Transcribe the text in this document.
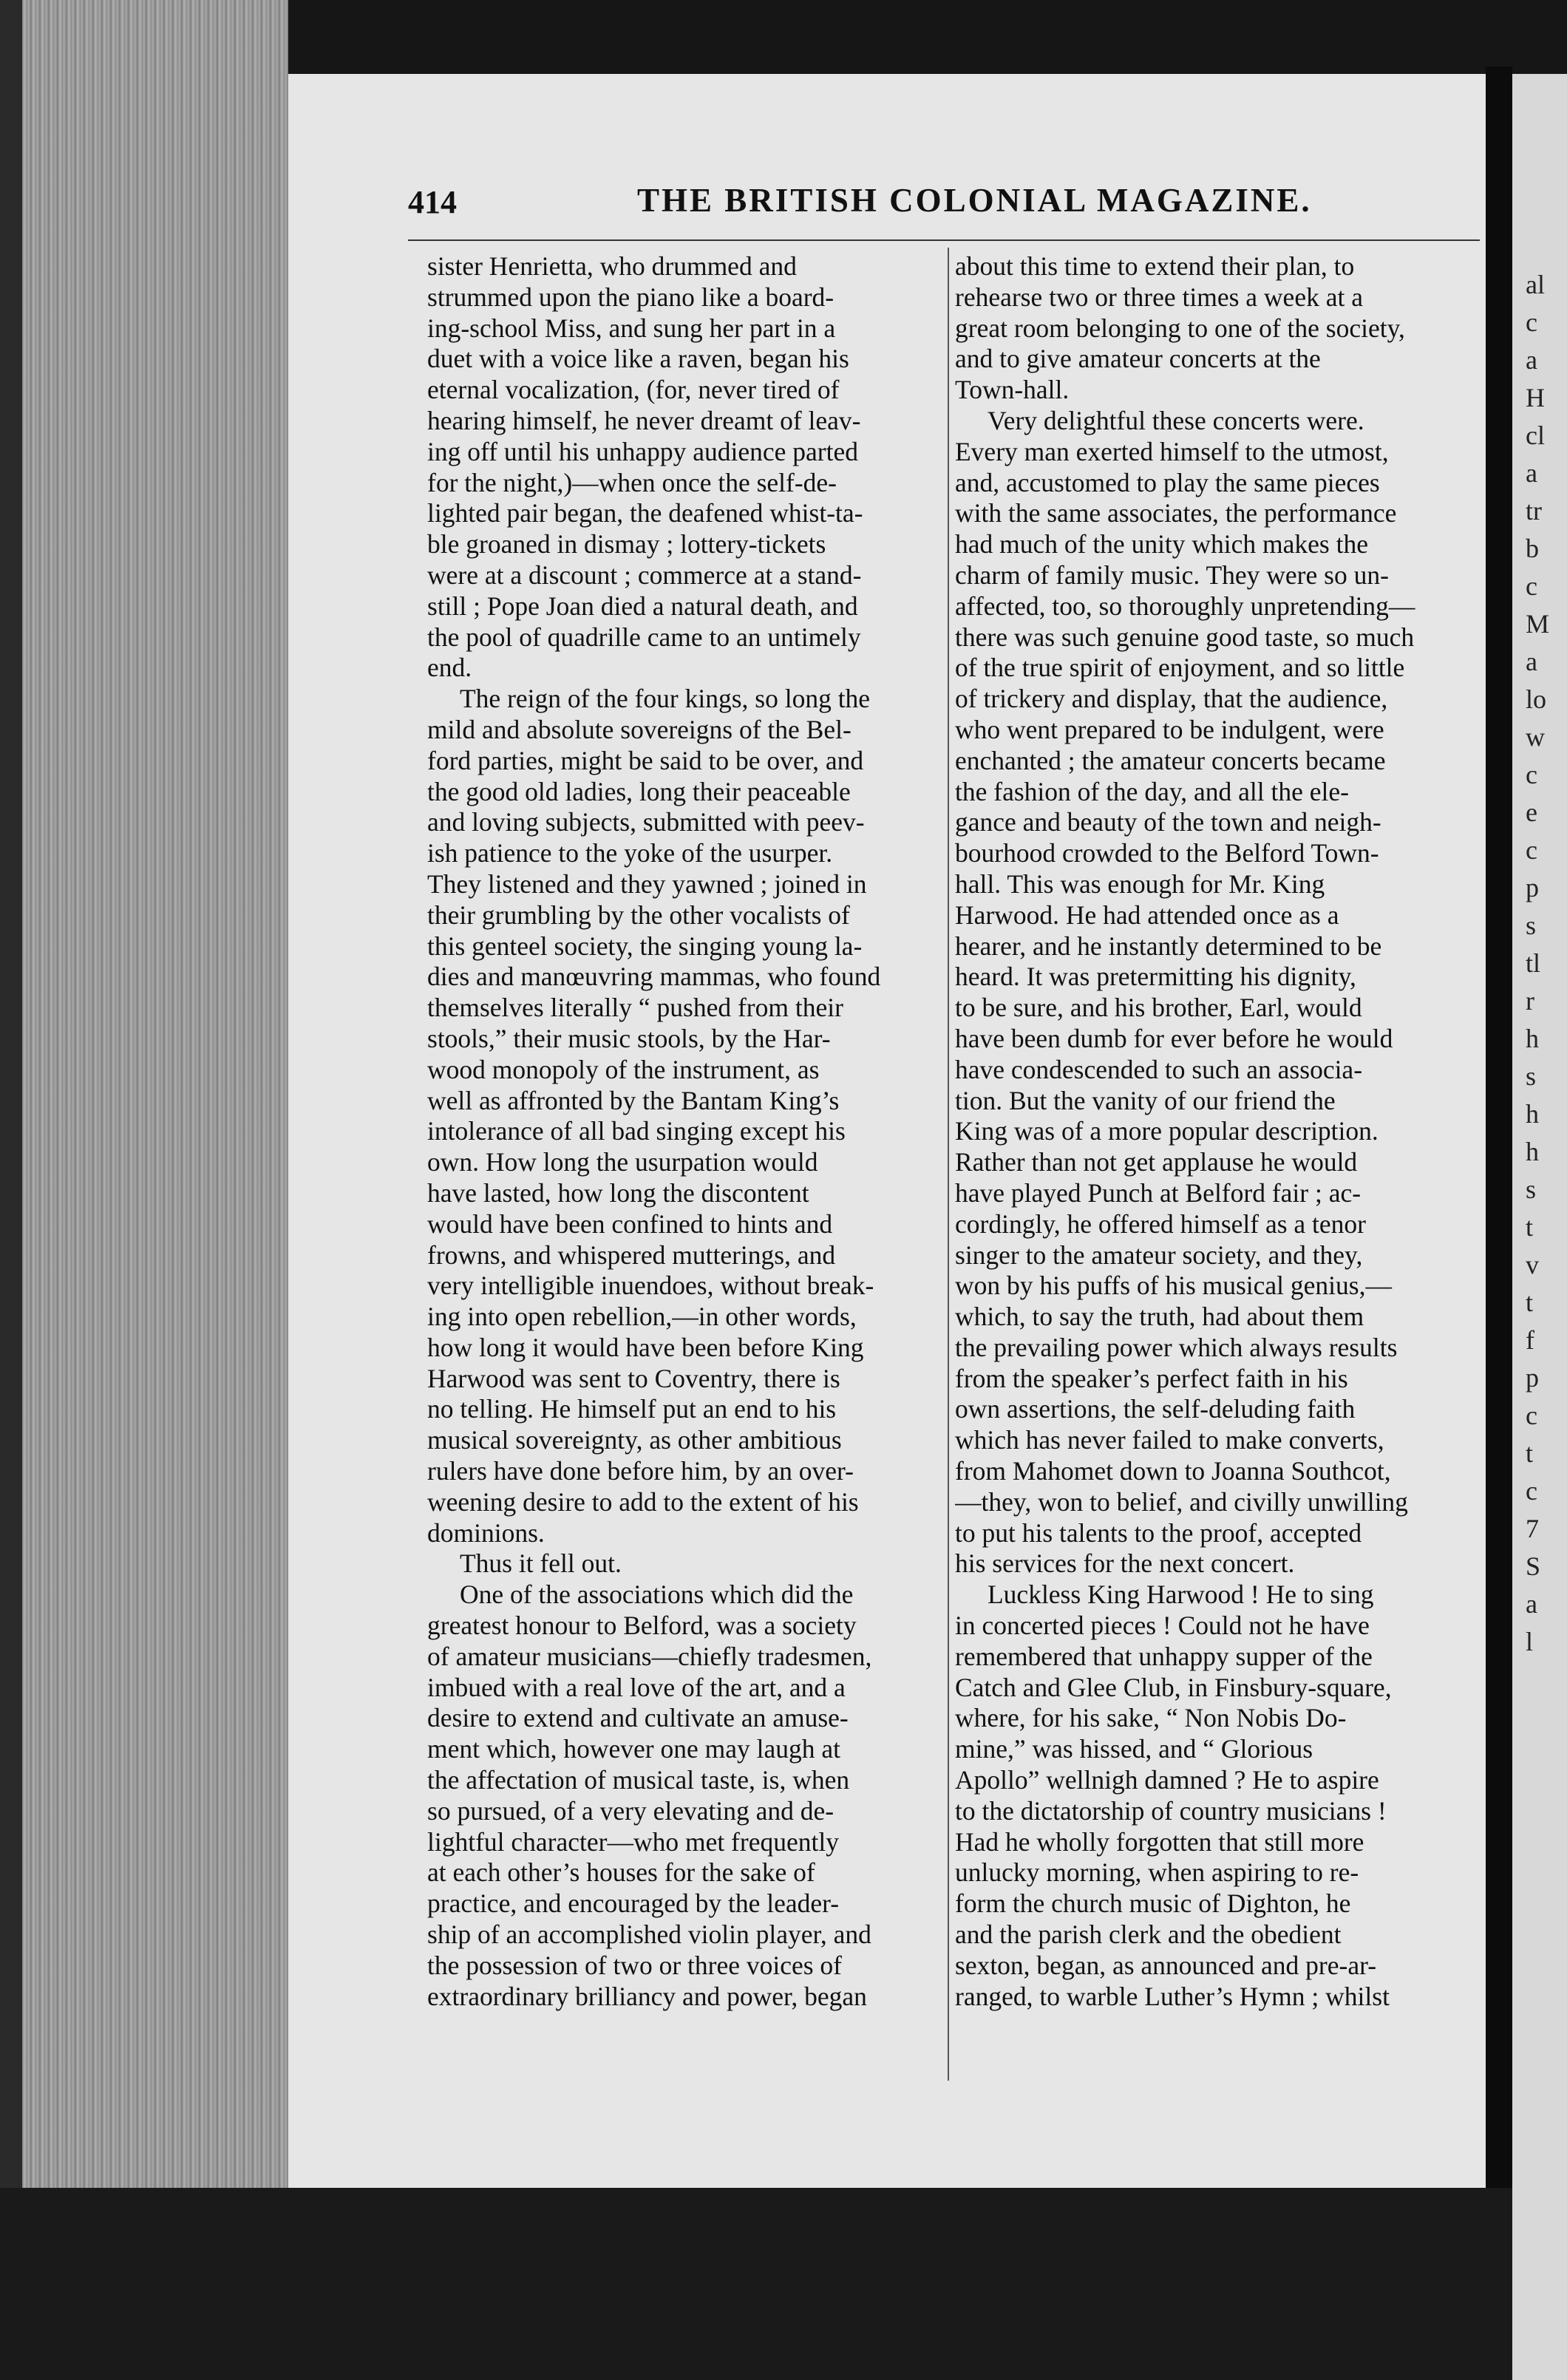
al
c
a
H
cl
a
tr
b
c
M
a
lo
w
c
e
c
p
s
tl
r
h
s
h
h
s
t
v
t
f
p
c
t
c
7
S
a
l
414	THE BRITISH COLONIAL MAGAZINE.
sister Henrietta, who drummed and
strummed upon the piano like a board-
ing-school Miss, and sung her part in a
duet with a voice like a raven, began his
eternal vocalization, (for, never tired of
hearing himself, he never dreamt of leav-
ing off until his unhappy audience parted
for the night,)—when once the self-de-
lighted pair began, the deafened whist-ta-
ble groaned in dismay ; lottery-tickets
were at a discount ; commerce at a stand-
still ; Pope Joan died a natural death, and
the pool of quadrille came to an untimely
end.
The reign of the four kings, so long the
mild and absolute sovereigns of the Bel-
ford parties, might be said to be over, and
the good old ladies, long their peaceable
and loving subjects, submitted with peev-
ish patience to the yoke of the usurper.
They listened and they yawned ; joined in
their grumbling by the other vocalists of
this genteel society, the singing young la-
dies and manœuvring mammas, who found
themselves literally “ pushed from their
stools,” their music stools, by the Har-
wood monopoly of the instrument, as
well as affronted by the Bantam King’s
intolerance of all bad singing except his
own. How long the usurpation would
have lasted, how long the discontent
would have been confined to hints and
frowns, and whispered mutterings, and
very intelligible inuendoes, without break-
ing into open rebellion,—in other words,
how long it would have been before King
Harwood was sent to Coventry, there is
no telling. He himself put an end to his
musical sovereignty, as other ambitious
rulers have done before him, by an over-
weening desire to add to the extent of his
dominions.
Thus it fell out.
One of the associations which did the
greatest honour to Belford, was a society
of amateur musicians—chiefly tradesmen,
imbued with a real love of the art, and a
desire to extend and cultivate an amuse-
ment which, however one may laugh at
the affectation of musical taste, is, when
so pursued, of a very elevating and de-
lightful character—who met frequently
at each other’s houses for the sake of
practice, and encouraged by the leader-
ship of an accomplished violin player, and
the possession of two or three voices of
extraordinary brilliancy and power, began
about this time to extend their plan, to
rehearse two or three times a week at a
great room belonging to one of the society,
and to give amateur concerts at the
Town-hall.
Very delightful these concerts were.
Every man exerted himself to the utmost,
and, accustomed to play the same pieces
with the same associates, the performance
had much of the unity which makes the
charm of family music. They were so un-
affected, too, so thoroughly unpretending—
there was such genuine good taste, so much
of the true spirit of enjoyment, and so little
of trickery and display, that the audience,
who went prepared to be indulgent, were
enchanted ; the amateur concerts became
the fashion of the day, and all the ele-
gance and beauty of the town and neigh-
bourhood crowded to the Belford Town-
hall. This was enough for Mr. King
Harwood. He had attended once as a
hearer, and he instantly determined to be
heard. It was pretermitting his dignity,
to be sure, and his brother, Earl, would
have been dumb for ever before he would
have condescended to such an associa-
tion. But the vanity of our friend the
King was of a more popular description.
Rather than not get applause he would
have played Punch at Belford fair ; ac-
cordingly, he offered himself as a tenor
singer to the amateur society, and they,
won by his puffs of his musical genius,—
which, to say the truth, had about them
the prevailing power which always results
from the speaker’s perfect faith in his
own assertions, the self-deluding faith
which has never failed to make converts,
from Mahomet down to Joanna Southcot,
—they, won to belief, and civilly unwilling
to put his talents to the proof, accepted
his services for the next concert.
Luckless King Harwood ! He to sing
in concerted pieces ! Could not he have
remembered that unhappy supper of the
Catch and Glee Club, in Finsbury-square,
where, for his sake, “ Non Nobis Do-
mine,” was hissed, and “ Glorious
Apollo” wellnigh damned ? He to aspire
to the dictatorship of country musicians !
Had he wholly forgotten that still more
unlucky morning, when aspiring to re-
form the church music of Dighton, he
and the parish clerk and the obedient
sexton, began, as announced and pre-ar-
ranged, to warble Luther’s Hymn ; whilst
